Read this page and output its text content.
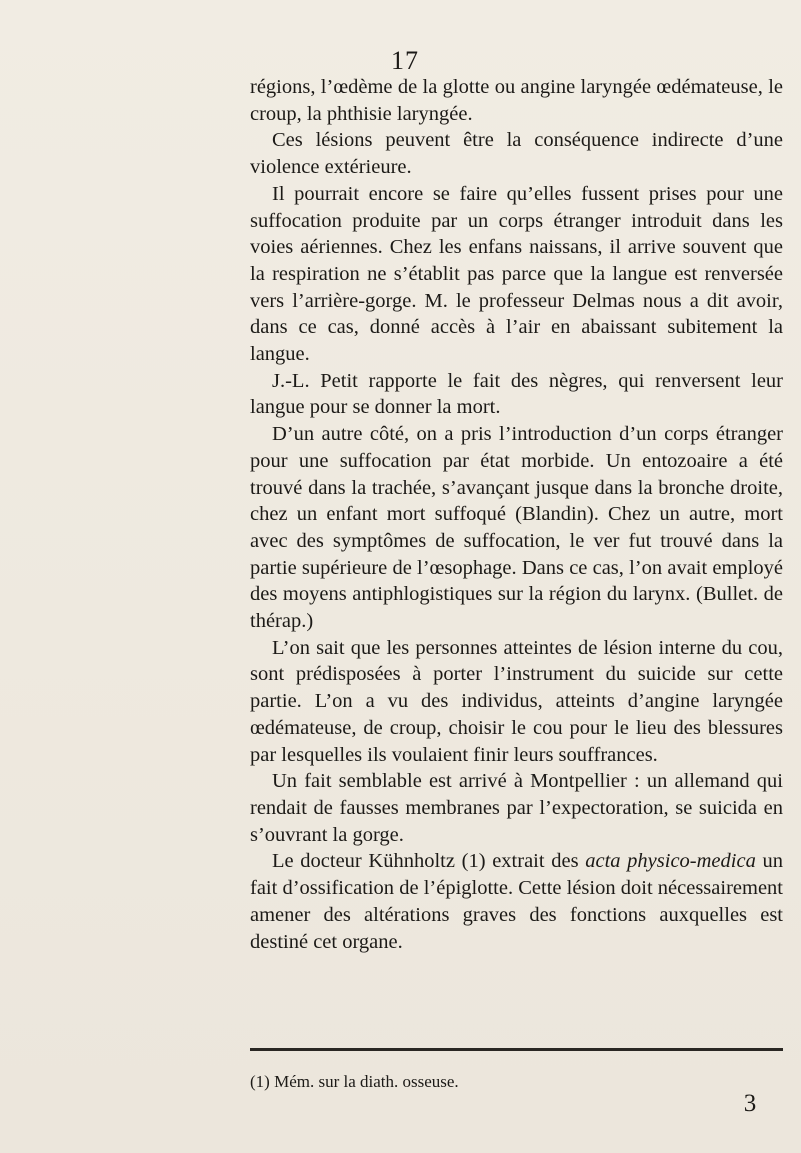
17

régions, l’œdème de la glotte ou angine laryngée œdémateuse, le croup, la phthisie laryngée.

Ces lésions peuvent être la conséquence indirecte d’une violence extérieure.

Il pourrait encore se faire qu’elles fussent prises pour une suffocation produite par un corps étranger introduit dans les voies aériennes. Chez les enfans naissans, il arrive souvent que la respiration ne s’établit pas parce que la langue est renversée vers l’arrière-gorge. M. le professeur Delmas nous a dit avoir, dans ce cas, donné accès à l’air en abaissant subitement la langue.

J.-L. Petit rapporte le fait des nègres, qui renversent leur langue pour se donner la mort.

D’un autre côté, on a pris l’introduction d’un corps étranger pour une suffocation par état morbide. Un entozoaire a été trouvé dans la trachée, s’avançant jusque dans la bronche droite, chez un enfant mort suffoqué (Blandin). Chez un autre, mort avec des symptômes de suffocation, le ver fut trouvé dans la partie supérieure de l’œsophage. Dans ce cas, l’on avait employé des moyens antiphlogistiques sur la région du larynx. (Bullet. de thérap.)

L’on sait que les personnes atteintes de lésion interne du cou, sont prédisposées à porter l’instrument du suicide sur cette partie. L’on a vu des individus, atteints d’angine laryngée œdémateuse, de croup, choisir le cou pour le lieu des blessures par lesquelles ils voulaient finir leurs souffrances.

Un fait semblable est arrivé à Montpellier : un allemand qui rendait de fausses membranes par l’expectoration, se suicida en s’ouvrant la gorge.

Le docteur Kühnholtz (1) extrait des acta physico-medica un fait d’ossification de l’épiglotte. Cette lésion doit nécessairement amener des altérations graves des fonctions auxquelles est destiné cet organe.

(1) Mém. sur la diath. osseuse.
3
